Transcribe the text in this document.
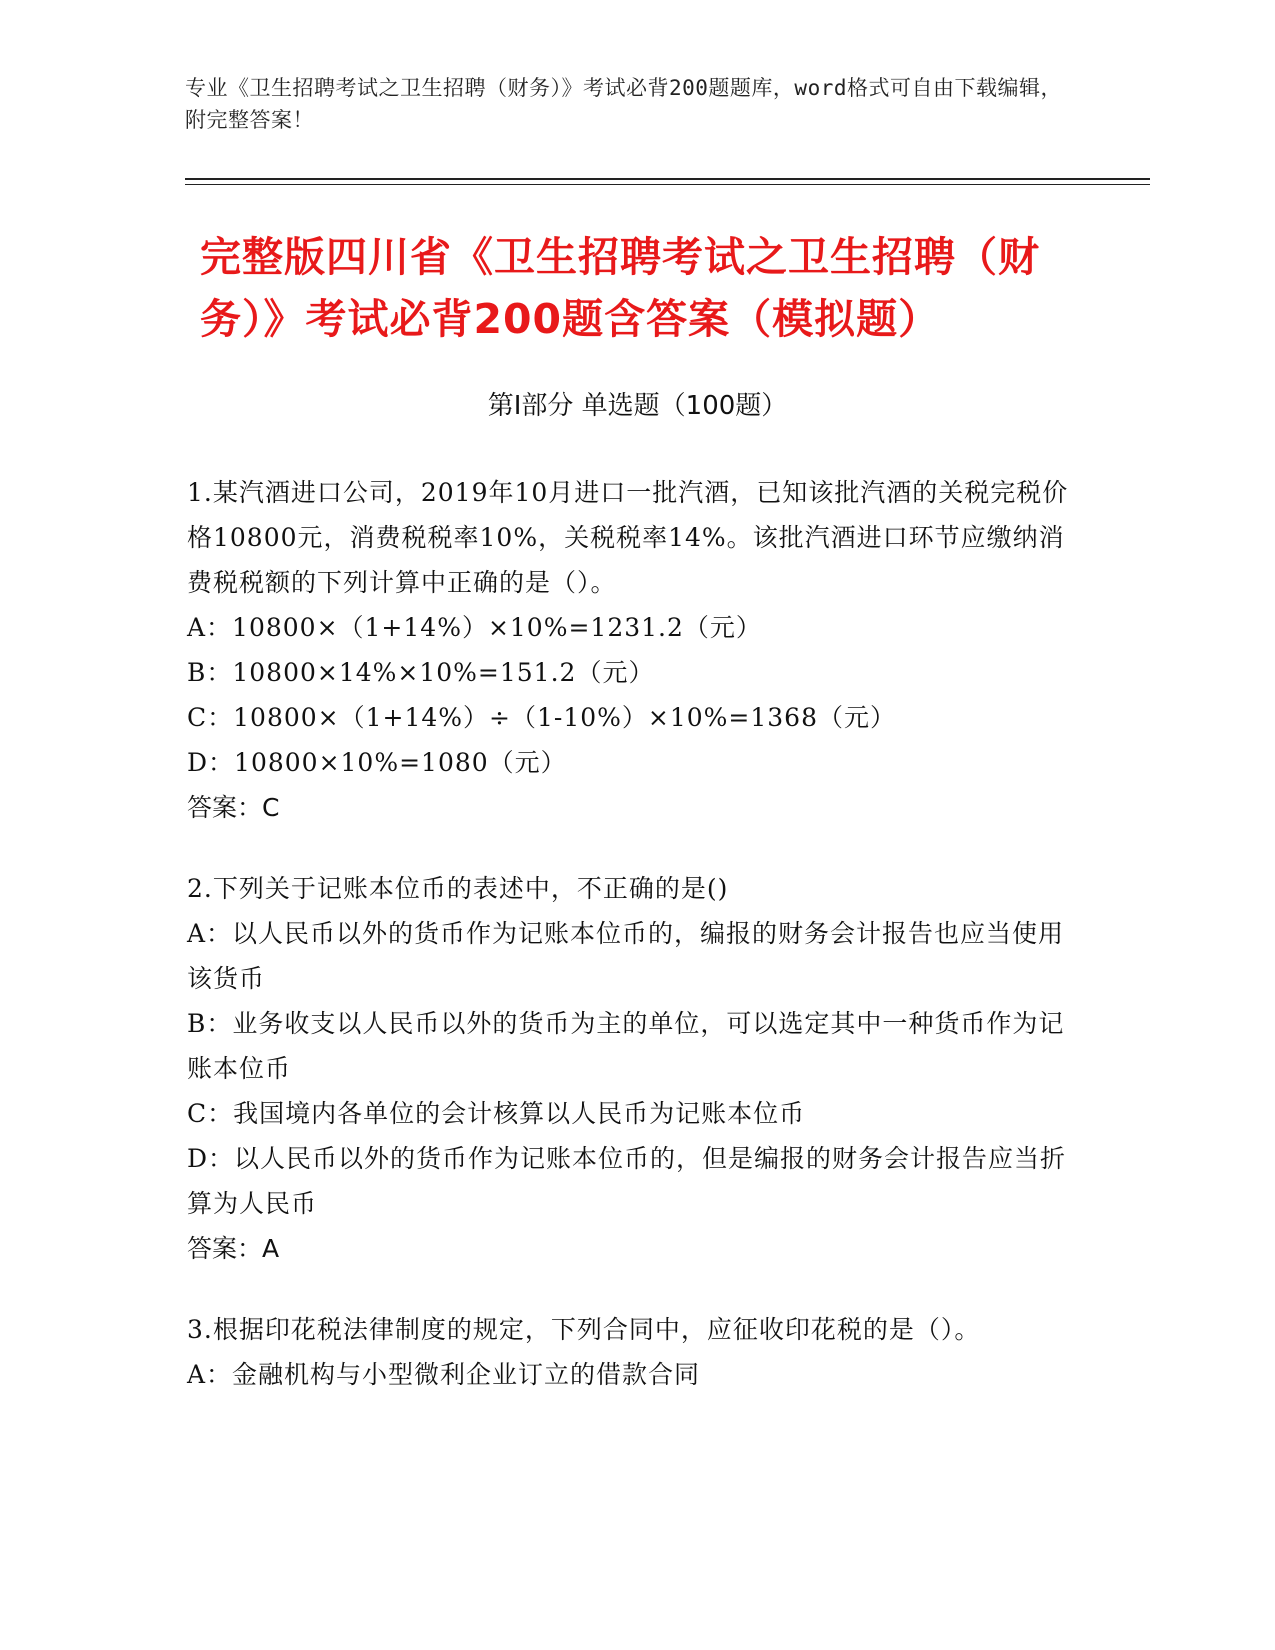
专业《卫生招聘考试之卫生招聘（财务）》考试必背200题题库，word格式可自由下载编辑，附完整答案！
完整版四川省《卫生招聘考试之卫生招聘（财务）》考试必背200题含答案（模拟题）
第Ⅰ部分 单选题（100题）

1.某汽酒进口公司，2019年10月进口一批汽酒，已知该批汽酒的关税完税价格10800元，消费税税率10%，关税税率14%。该批汽酒进口环节应缴纳消费税税额的下列计算中正确的是（）。

A：10800×（1+14%）×10%=1231.2（元）

B：10800×14%×10%=151.2（元）

C：10800×（1+14%）÷（1-10%）×10%=1368（元）

D：10800×10%=1080（元）

答案：C

2.下列关于记账本位币的表述中，不正确的是()

A：以人民币以外的货币作为记账本位币的，编报的财务会计报告也应当使用该货币

B：业务收支以人民币以外的货币为主的单位，可以选定其中一种货币作为记账本位币

C：我国境内各单位的会计核算以人民币为记账本位币

D：以人民币以外的货币作为记账本位币的，但是编报的财务会计报告应当折算为人民币

答案：A

3.根据印花税法律制度的规定，下列合同中，应征收印花税的是（）。

A：金融机构与小型微利企业订立的借款合同
